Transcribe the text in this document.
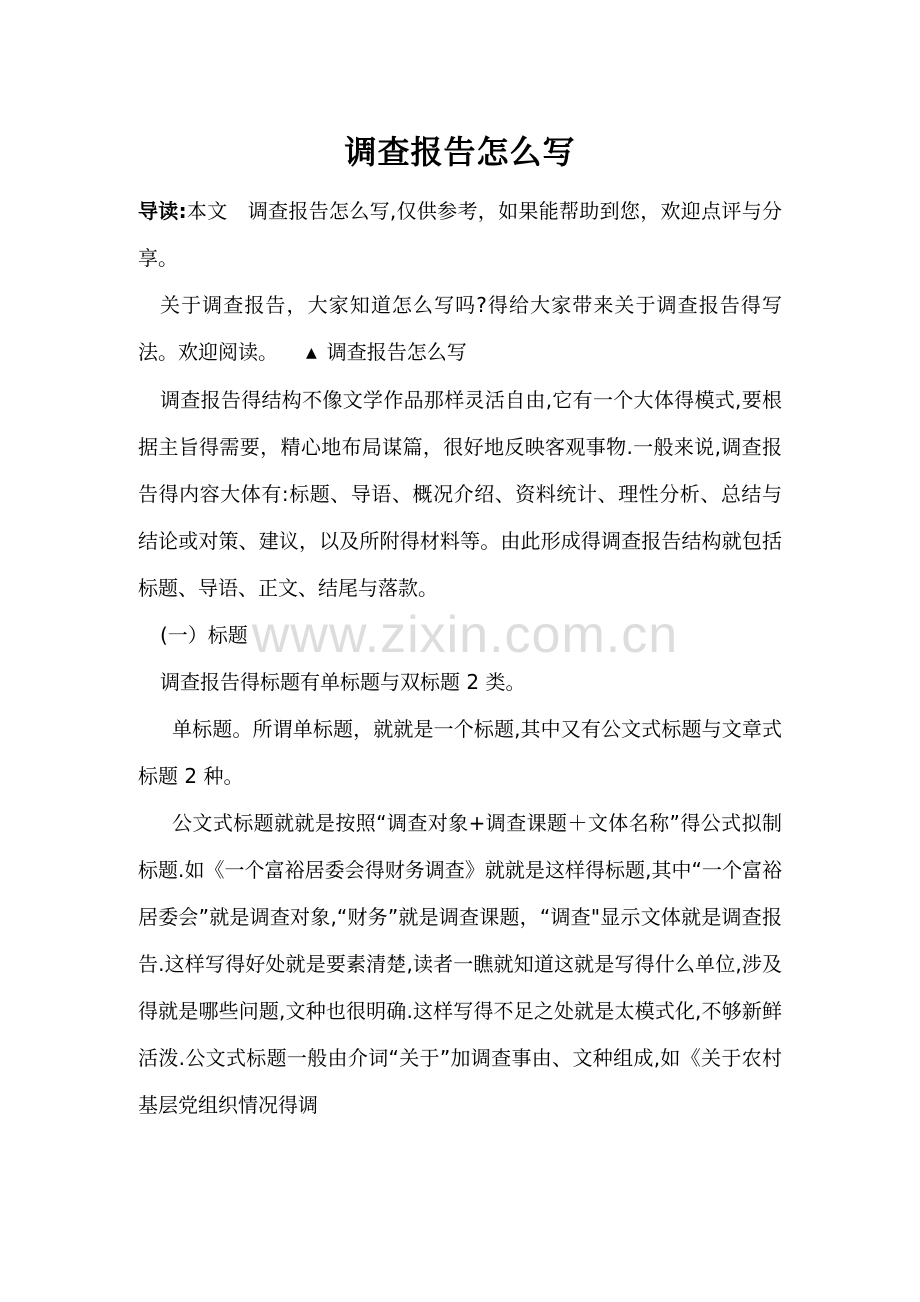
调查报告怎么写

导读:本文　调查报告怎么写,仅供参考，如果能帮助到您，欢迎点评与分享。

关于调查报告，大家知道怎么写吗?得给大家带来关于调查报告得写法。欢迎阅读。 ▲ 调查报告怎么写

调查报告得结构不像文学作品那样灵活自由,它有一个大体得模式,要根据主旨得需要，精心地布局谋篇，很好地反映客观事物.一般来说,调查报告得内容大体有:标题、导语、概况介绍、资料统计、理性分析、总结与结论或对策、建议，以及所附得材料等。由此形成得调查报告结构就包括标题、导语、正文、结尾与落款。

(一）标题

调查报告得标题有单标题与双标题 2 类。

单标题。所谓单标题，就就是一个标题,其中又有公文式标题与文章式标题 2 种。

公文式标题就就是按照“调查对象+调查课题＋文体名称”得公式拟制标题.如《一个富裕居委会得财务调查》就就是这样得标题,其中“一个富裕居委会”就是调查对象,“财务”就是调查课题，“调查"显示文体就是调查报告.这样写得好处就是要素清楚,读者一瞧就知道这就是写得什么单位,涉及得就是哪些问题,文种也很明确.这样写得不足之处就是太模式化,不够新鲜活泼.公文式标题一般由介词“关于”加调查事由、文种组成,如《关于农村基层党组织情况得调

www.zixin.com.cn
